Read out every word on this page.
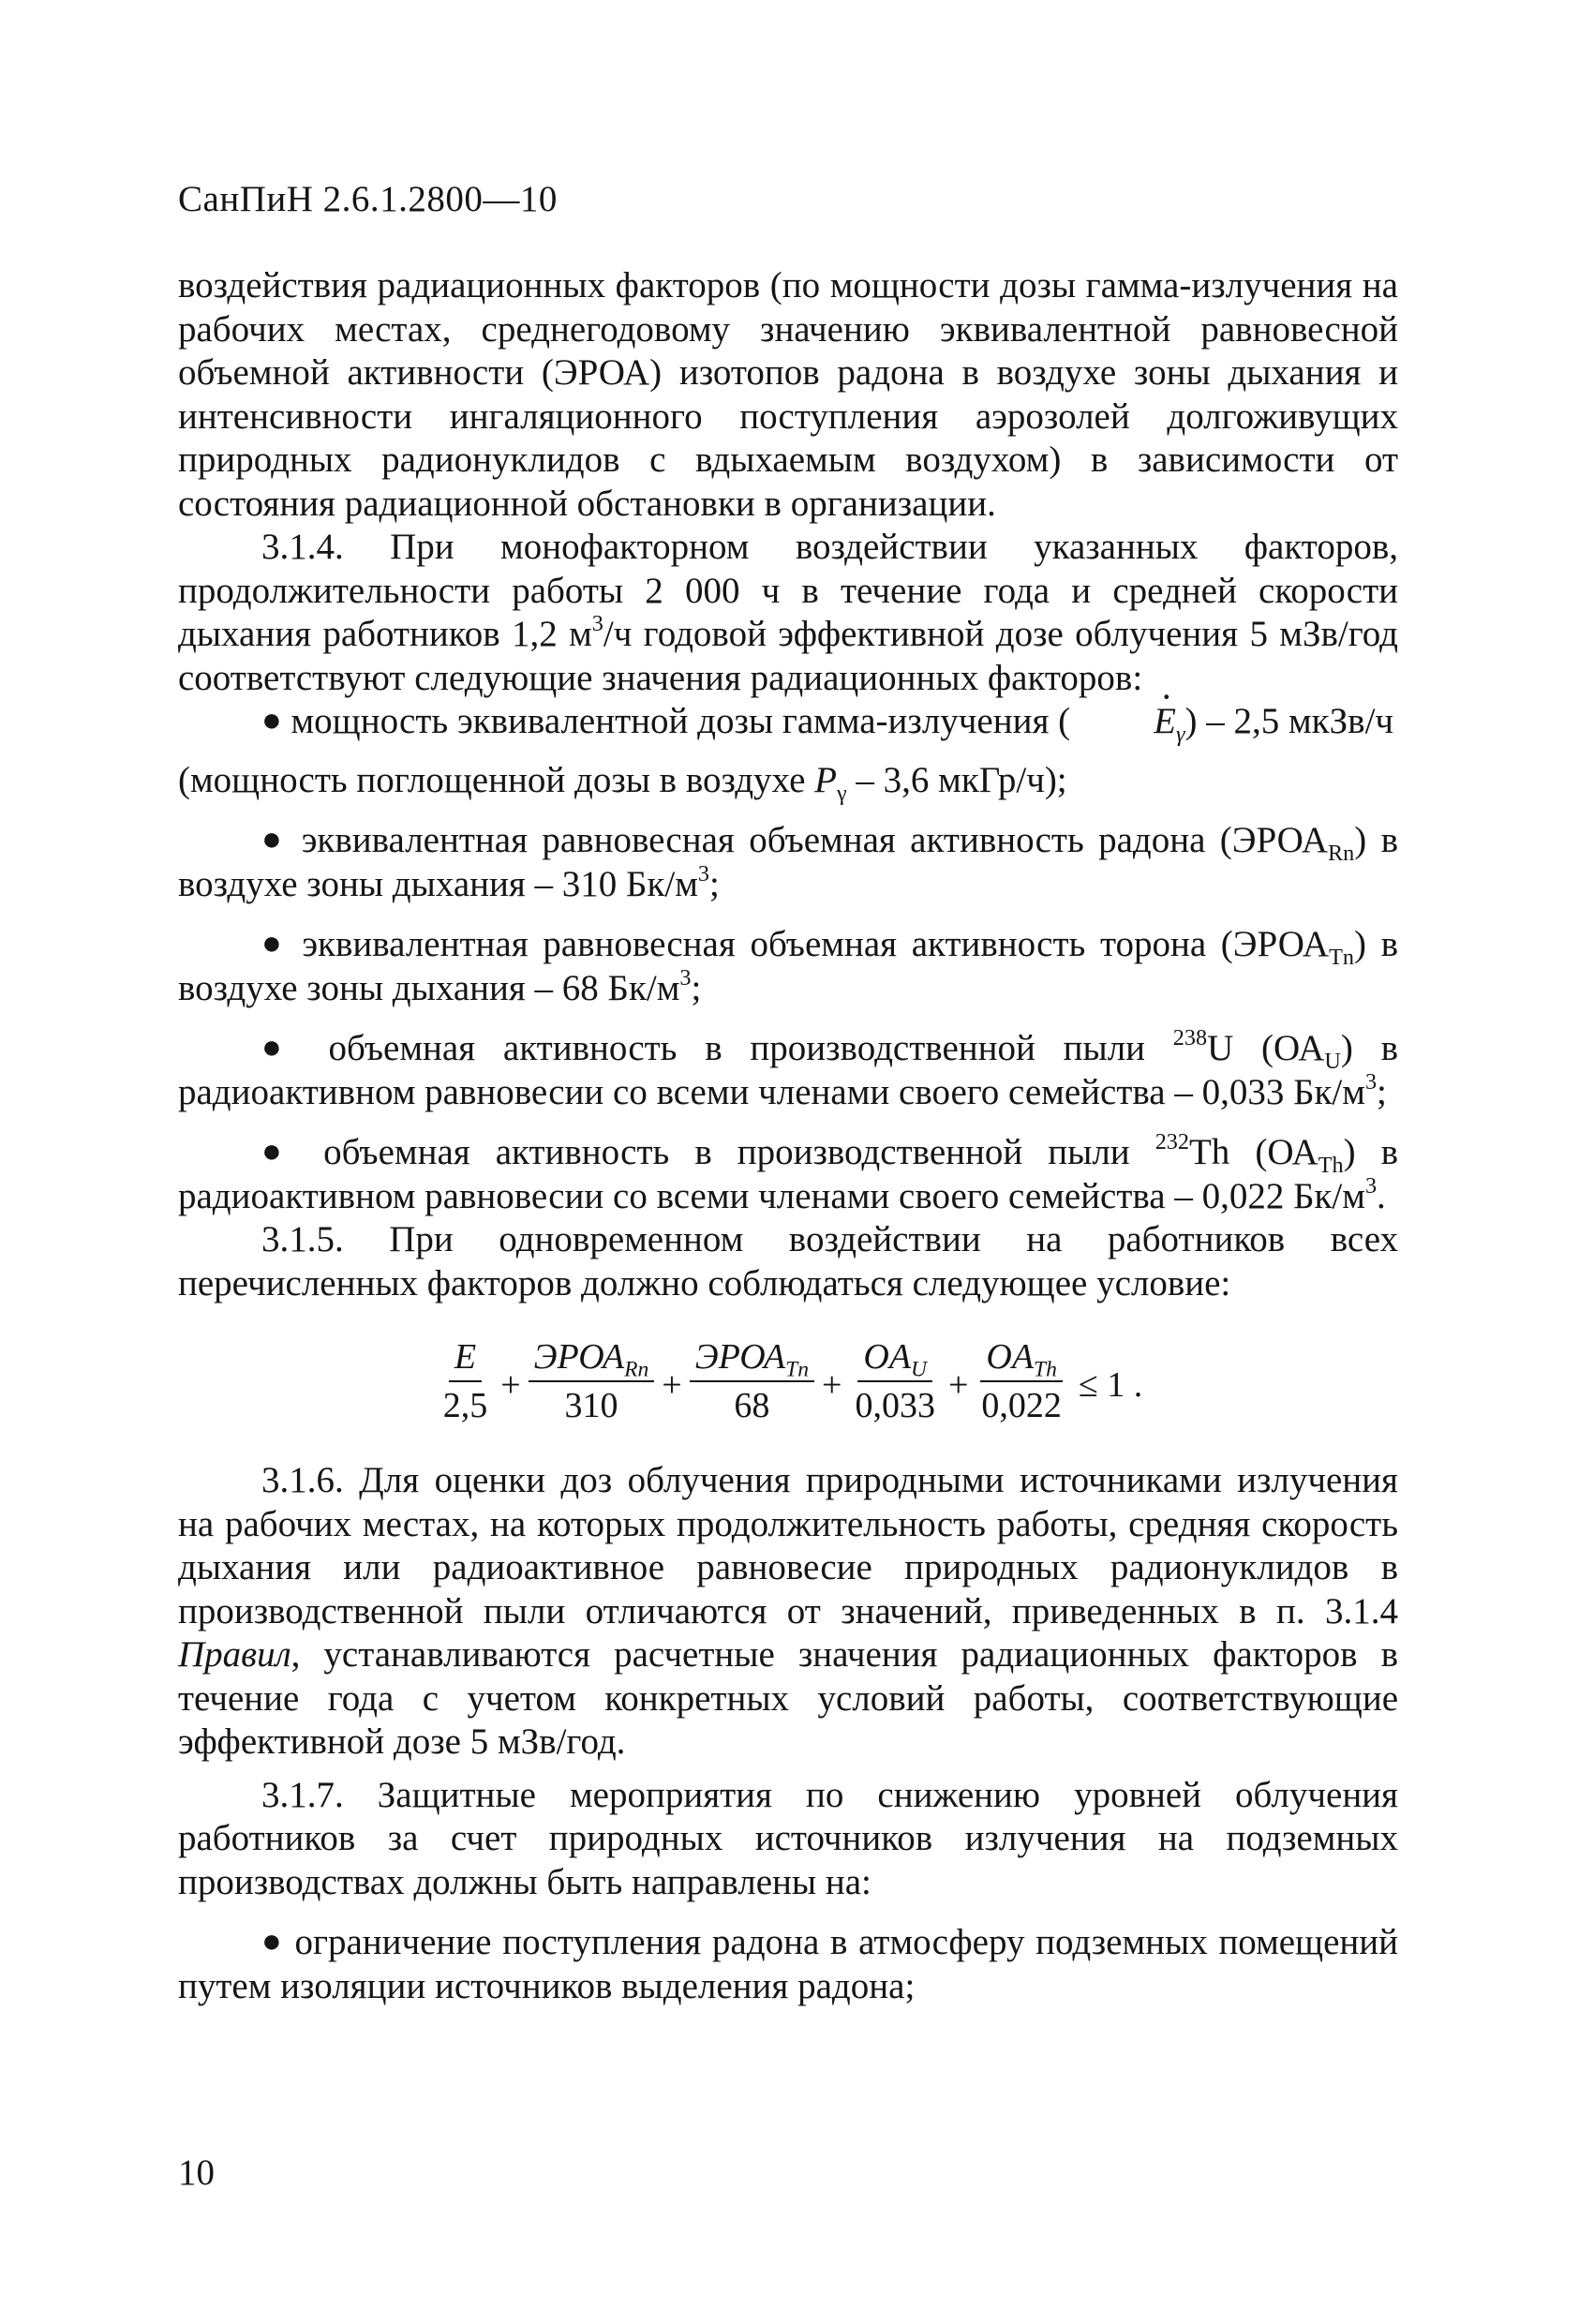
СанПиН 2.6.1.2800—10

воздействия радиационных факторов (по мощности дозы гамма-излучения на рабочих местах, среднегодовому значению эквивалентной равновесной объемной активности (ЭРОА) изотопов радона в воздухе зоны дыхания и интенсивности ингаляционного поступления аэрозолей долгоживущих природных радионуклидов с вдыхаемым воздухом) в зависимости от состояния радиационной обстановки в организации.

3.1.4. При монофакторном воздействии указанных факторов, продолжительности работы 2 000 ч в течение года и средней скорости дыхания работников 1,2 $м^3/ч$ годовой эффективной дозе облучения 5 мЗв/год соответствуют следующие значения радиационных факторов:

● мощность эквивалентной дозы гамма-излучения ( $E \cdot_\gamma) - 2,5$ мкЗв/ч

(мощность поглощенной дозы в воздухе $P_\gamma - 3,6$ мкГр/ч);

● эквивалентная равновесная объемная активность радона $(ЭРОА_{Rn})$ в воздухе зоны дыхания – 310 $Бк/м^3$;

● эквивалентная равновесная объемная активность торона $(ЭРОА_{Tn})$ в воздухе зоны дыхания – 68 $Бк/м^3$;

● объемная активность в производственной пыли $^{238}$U $(ОА_U)$ в радиоактивном равновесии со всеми членами своего семейства – 0,033 $Бк/м^3$;

● объемная активность в производственной пыли $^{232}$Th $(ОА_{Th})$ в радиоактивном равновесии со всеми членами своего семейства – 0,022 $Бк/м^3$.

3.1.5. При одновременном воздействии на работников всех перечисленных факторов должно соблюдаться следующее условие:

$\frac{E}{2,5} + \frac{ЭРОА_{Rn}}{310} + \frac{ЭРОА_{Tn}}{68} + \frac{OA_U}{0,033} + \frac{OA_{Th}}{0,022} \le 1$ .

3.1.6. Для оценки доз облучения природными источниками излучения на рабочих местах, на которых продолжительность работы, средняя скорость дыхания или радиоактивное равновесие природных радионуклидов в производственной пыли отличаются от значений, приведенных в п. 3.1.4 Правил, устанавливаются расчетные значения радиационных факторов в течение года с учетом конкретных условий работы, соответствующие эффективной дозе 5 мЗв/год.

3.1.7. Защитные мероприятия по снижению уровней облучения работников за счет природных источников излучения на подземных производствах должны быть направлены на:

● ограничение поступления радона в атмосферу подземных помещений путем изоляции источников выделения радона;

10
